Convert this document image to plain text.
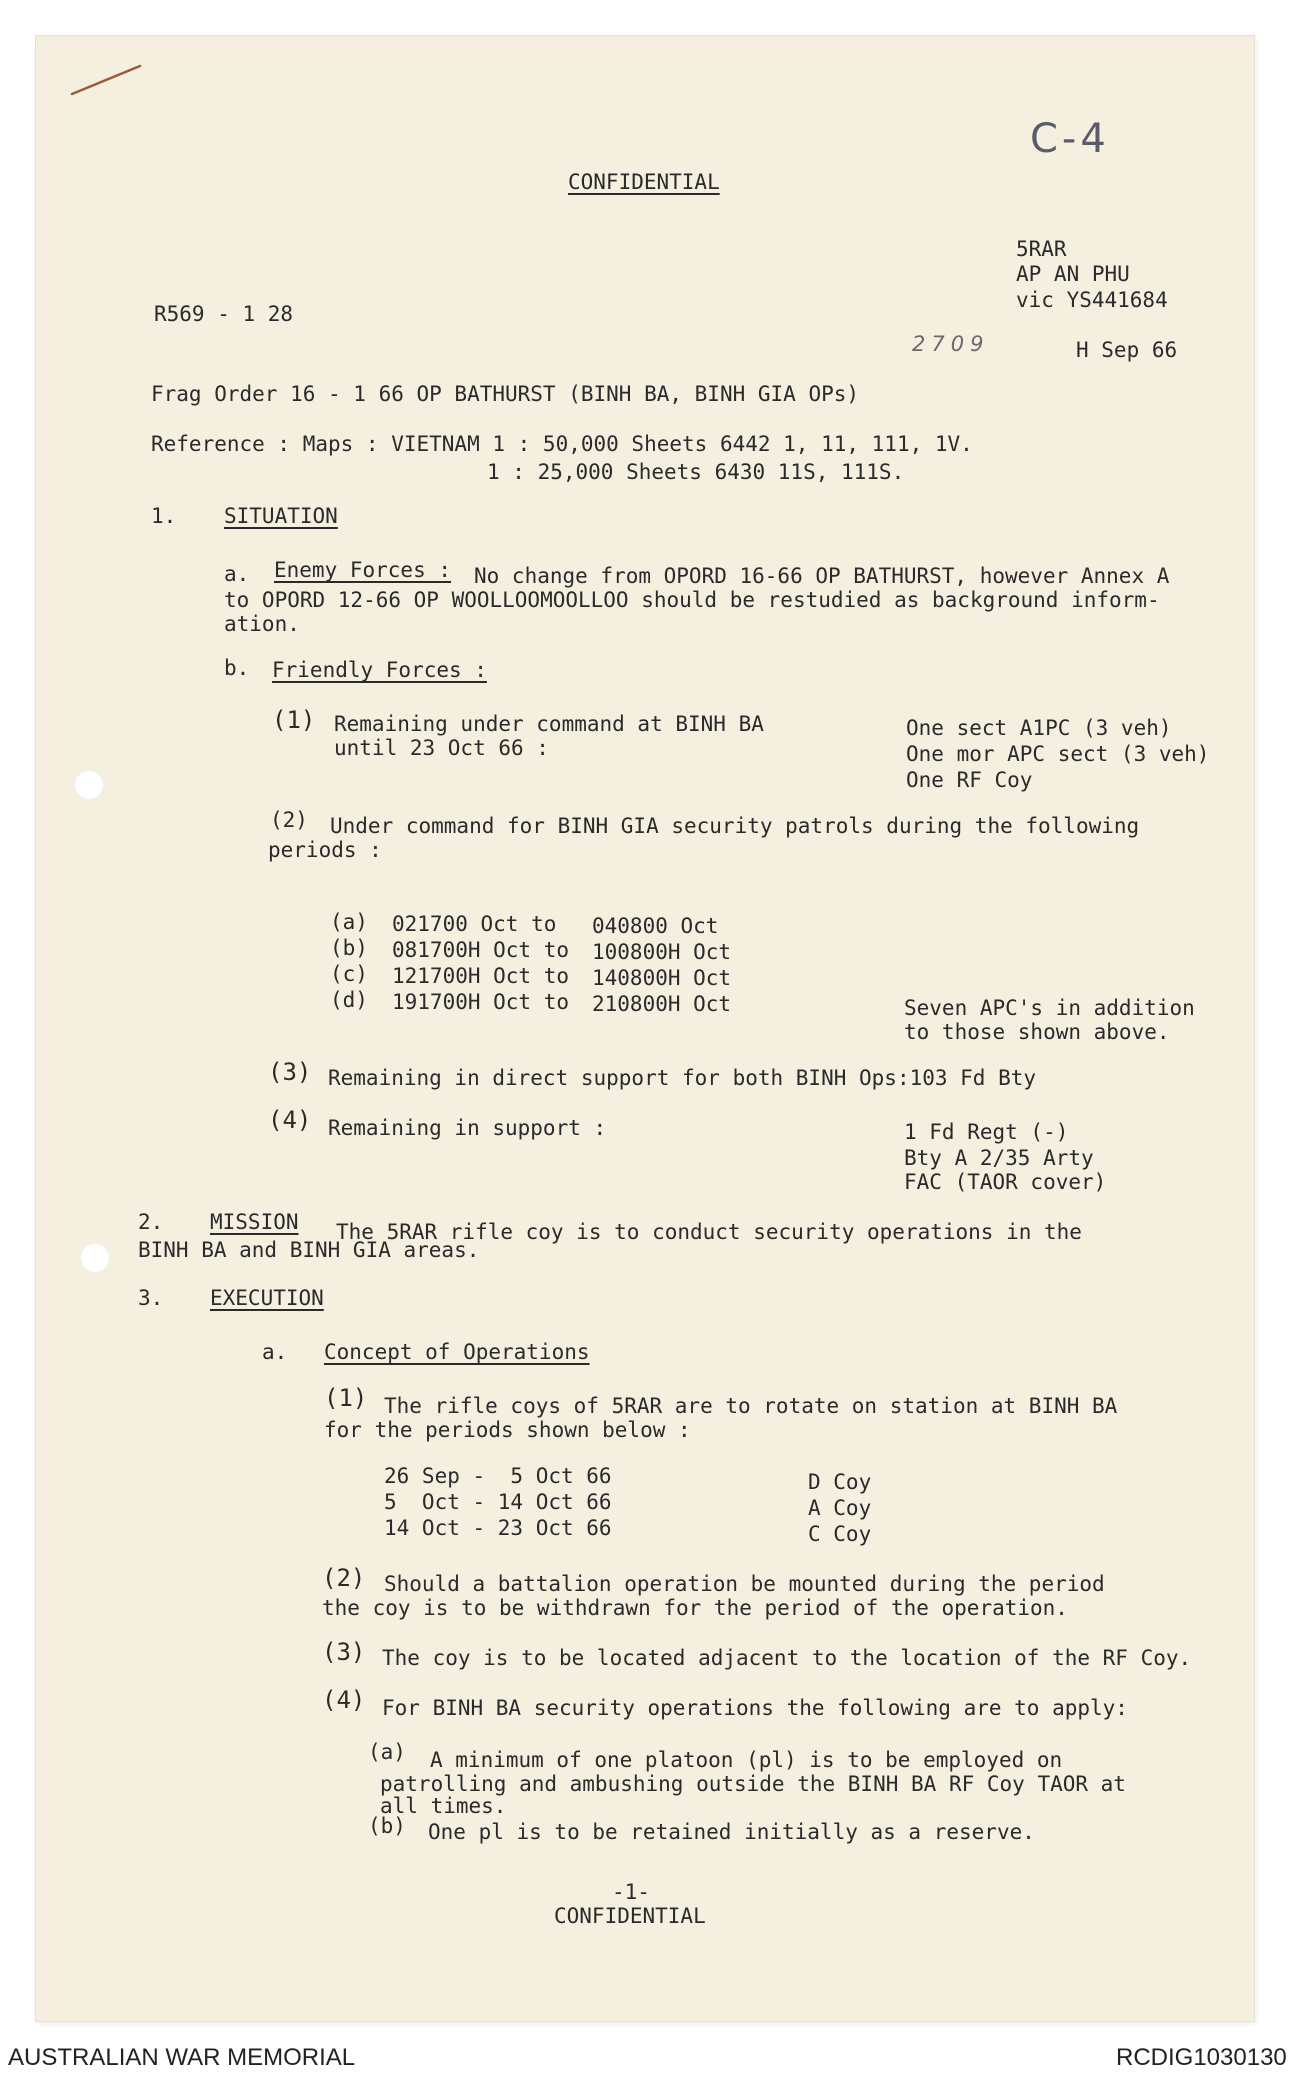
C-4
CONFIDENTIAL
5RAR
AP AN PHU
vic YS441684
R569 - 1 28
2709	H Sep 66
Frag Order 16 - 1 66 OP BATHURST (BINH BA, BINH GIA OPs)
Reference : Maps : VIETNAM 1 : 50,000 Sheets 6442 1, 11, 111, 1V.
1 : 25,000 Sheets 6430 11S, 111S.
1. SITUATION
a. Enemy Forces : No change from OPORD 16-66 OP BATHURST, however Annex A
to OPORD 12-66 OP WOOLLOOMOOLLOO should be restudied as background inform-
ation.
b. Friendly Forces :
(1) Remaining under command at BINH BA
until 23 Oct 66 :
One sect A1PC (3 veh)
One mor APC sect (3 veh)
One RF Coy
(2) Under command for BINH GIA security patrols during the following
periods :
(a) 021700 Oct to 040800 Oct
(b) 081700H Oct to 100800H Oct
(c) 121700H Oct to 140800H Oct
(d) 191700H Oct to 210800H Oct	Seven APC's in addition
to those shown above.
(3) Remaining in direct support for both BINH Ops:103 Fd Bty
(4) Remaining in support :	1 Fd Regt (-)
Bty A 2/35 Arty
FAC (TAOR cover)
2. MISSION The 5RAR rifle coy is to conduct security operations in the
BINH BA and BINH GIA areas.
3. EXECUTION
a. Concept of Operations
(1) The rifle coys of 5RAR are to rotate on station at BINH BA
for the periods shown below :
26 Sep -  5 Oct 66	D Coy
5  Oct - 14 Oct 66	A Coy
14 Oct - 23 Oct 66	C Coy
(2) Should a battalion operation be mounted during the period
the coy is to be withdrawn for the period of the operation.
(3) The coy is to be located adjacent to the location of the RF Coy.
(4) For BINH BA security operations the following are to apply:
(a) A minimum of one platoon (pl) is to be employed on
patrolling and ambushing outside the BINH BA RF Coy TAOR at
all times.
(b) One pl is to be retained initially as a reserve.
-1-
CONFIDENTIAL
AUSTRALIAN WAR MEMORIAL	RCDIG1030130
